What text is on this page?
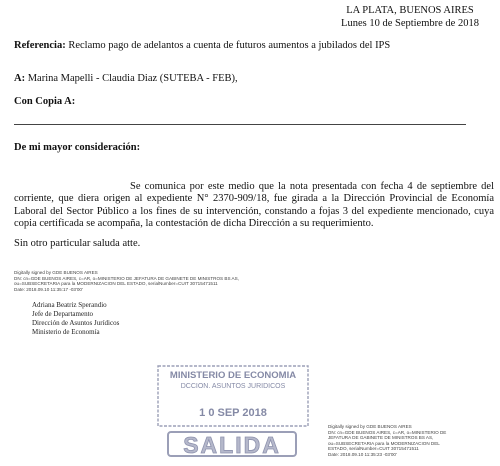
LA PLATA, BUENOS AIRES
Lunes 10 de Septiembre de 2018
Referencia: Reclamo pago de adelantos a cuenta de futuros aumentos a jubilados del IPS
A: Marina Mapelli - Claudia Diaz (SUTEBA - FEB),
Con Copia A:
De mi mayor consideración:

Se comunica por este medio que la nota presentada con fecha 4 de septiembre del corriente, que diera origen al expediente N° 2370-909/18, fue girada a la Dirección Provincial de Economía Laboral del Sector Público a los fines de su intervención, constando a fojas 3 del expediente mencionado, cuya copia certificada se acompaña, la contestación de dicha Dirección a su requerimiento.

Sin otro particular saluda atte.
Digitally signed by GDE BUENOS AIRES
DN: cn=GDE BUENOS AIRES, c=AR, o=MINISTERIO DE JEFATURA DE GABINETE DE MINISTROS BS AS,
ou=SUBSECRETARIA para la MODERNIZACION DEL ESTADO, serialNumber=CUIT 30715471511
Date: 2018.09.10 11:35:17 -03'00'
Adriana Beatriz Sperandio
Jefe de Departamento
Dirección de Asuntos Jurídicos
Ministerio de Economía
MINISTERIO DE ECONOMIA
DCCION. ASUNTOS JURIDICOS
1 0 SEP 2018
SALIDA
Digitally signed by GDE BUENOS AIRES
DN: cn=GDE BUENOS AIRES, c=AR, o=MINISTERIO DE
JEFATURA DE GABINETE DE MINISTROS BS AS,
ou=SUBSECRETARIA para la MODERNIZACION DEL
ESTADO, serialNumber=CUIT 30715471511
Date: 2018.09.10 11:35:23 -03'00'
